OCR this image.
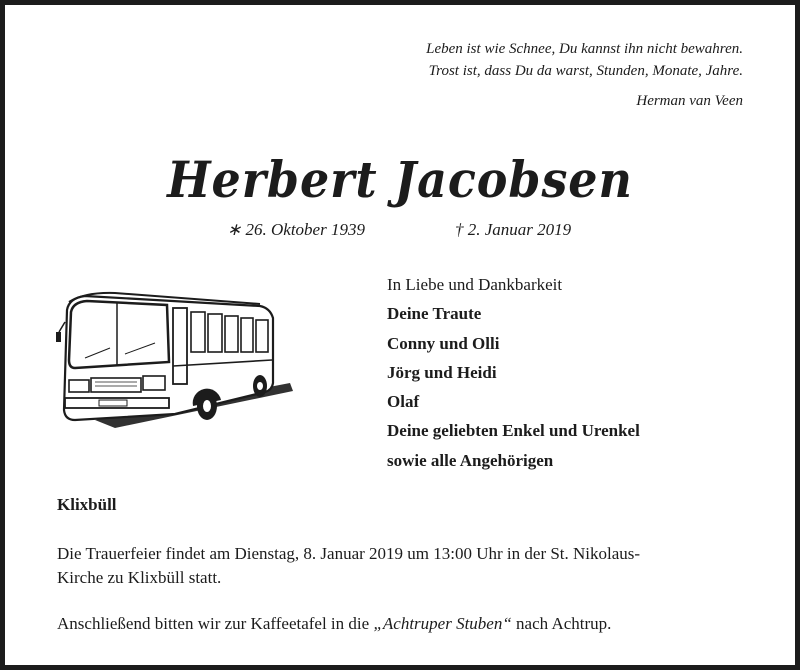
Leben ist wie Schnee, Du kannst ihn nicht bewahren.
Trost ist, dass Du da warst, Stunden, Monate, Jahre.
Herman van Veen
Herbert Jacobsen
∗ 26. Oktober 1939	† 2. Januar 2019
In Liebe und Dankbarkeit
Deine Traute
Conny und Olli
Jörg und Heidi
Olaf
Deine geliebten Enkel und Urenkel
sowie alle Angehörigen
Klixbüll
Die Trauerfeier findet am Dienstag, 8. Januar 2019 um 13:00 Uhr in der St. Nikolaus-
Kirche zu Klixbüll statt.
Anschließend bitten wir zur Kaffeetafel in die „Achtruper Stuben“ nach Achtrup.
